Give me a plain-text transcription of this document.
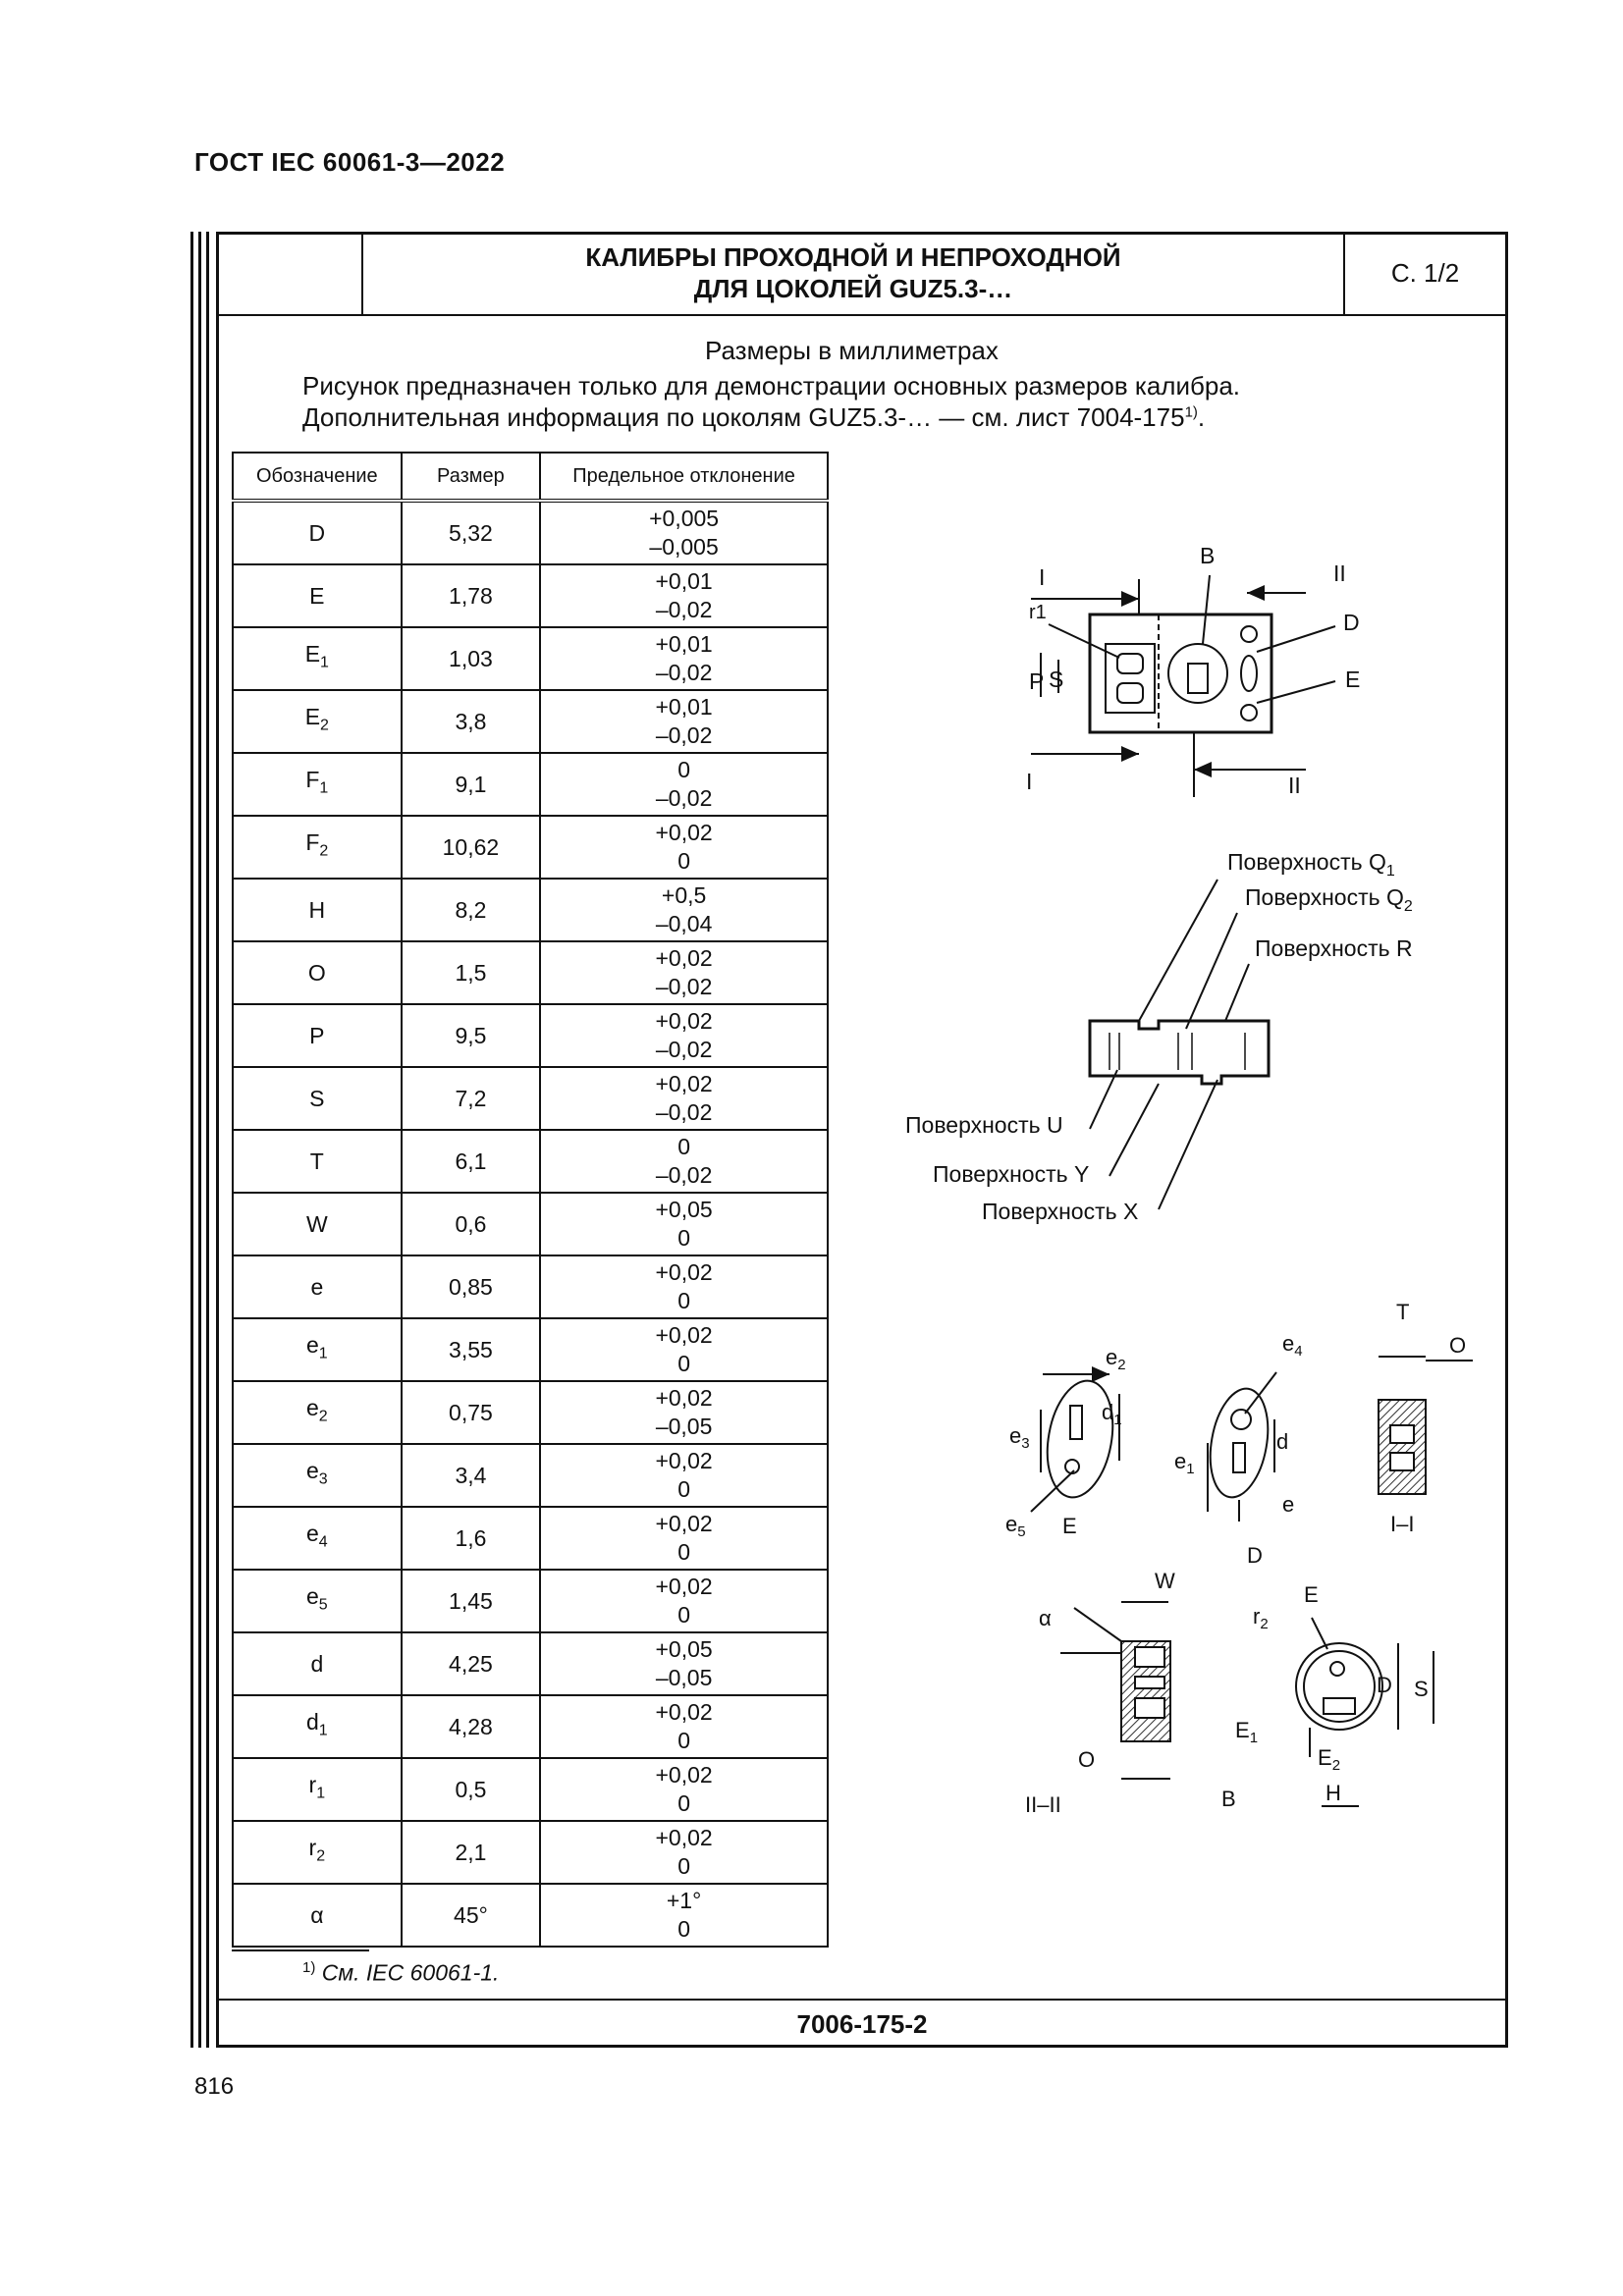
ГОСТ IEC 60061-3—2022
КАЛИБРЫ ПРОХОДНОЙ И НЕПРОХОДНОЙ
ДЛЯ ЦОКОЛЕЙ GUZ5.3-…
С. 1/2
Размеры в миллиметрах
Рисунок предназначен только для демонстрации основных размеров калибра.
Дополнительная информация по цоколям GUZ5.3-… — см. лист 7004-175$^{1)}$.
Обозначение	Размер	Предельное отклонение
D	5,32	+0,005
–0,005

E	1,78	+0,01
–0,02

$E_1$	1,03	+0,01
–0,02

$E_2$	3,8	+0,01
–0,02

$F_1$	9,1	0
–0,02

$F_2$	10,62	+0,02
0

H	8,2	+0,5
–0,04

O	1,5	+0,02
–0,02

P	9,5	+0,02
–0,02

S	7,2	+0,02
–0,02

T	6,1	0
–0,02

W	0,6	+0,05
0

e	0,85	+0,02
0

$e_1$	3,55	+0,02
0

$e_2$	0,75	+0,02
–0,05

$e_3$	3,4	+0,02
0

$e_4$	1,6	+0,02
0

$e_5$	1,45	+0,02
0

d	4,25	+0,05
–0,05

$d_1$	4,28	+0,02
0

$r_1$	0,5	+0,02
0

$r_2$	2,1	+0,02
0

α	45°	+1°
0
$^{1)}$ См. IEC 60061-1.
7006-175-2
816
I
I
II
II
B
D
E
r1
P S
Поверхность $Q_1$
Поверхность $Q_2$
Поверхность R
Поверхность U
Поверхность Y
Поверхность X
$e_2$
$e_3$
$d_1$
$e_5$ E
$e_4$
$e_1$
d
e
D
T
O
I–I
W
α
O
II–II
E
$r_2$
D S
$E_1$
$E_2$
H
B
